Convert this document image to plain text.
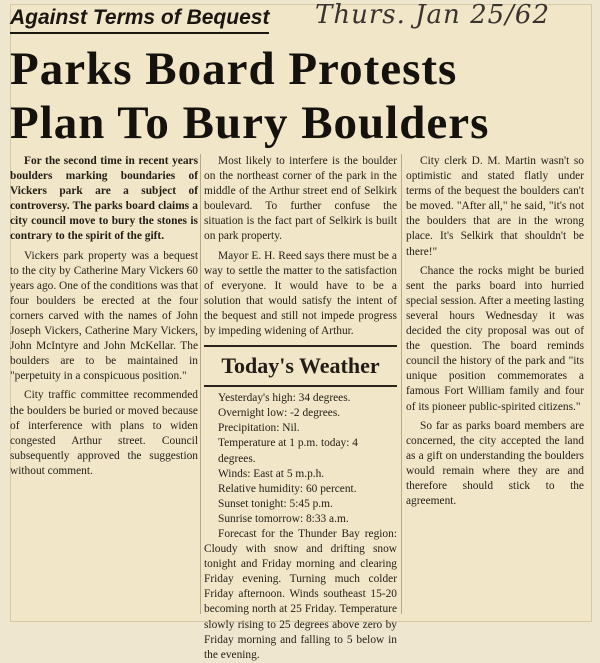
Against Terms of Bequest Thurs. Jan 25/62
Parks Board Protests
Plan To Bury Boulders

For the second time in recent years boulders marking boundaries of Vickers park are a subject of controversy. The parks board claims a city council move to bury the stones is contrary to the spirit of the gift.

Vickers park property was a bequest to the city by Catherine Mary Vickers 60 years ago. One of the conditions was that four boulders be erected at the four corners carved with the names of John Joseph Vickers, Catherine Mary Vickers, John McIntyre and John McKellar. The boulders are to be maintained in "perpetuity in a conspicuous position."

City traffic committee recommended the boulders be buried or moved because of interference with plans to widen congested Arthur street. Council subsequently approved the suggestion without comment.

Most likely to interfere is the boulder on the northeast corner of the park in the middle of the Arthur street end of Selkirk boulevard. To further confuse the situation is the fact part of Selkirk is built on park property.

Mayor E. H. Reed says there must be a way to settle the matter to the satisfaction of everyone. It would have to be a solution that would satisfy the intent of the bequest and still not impede progress by impeding widening of Arthur.

Today's Weather
Yesterday's high: 34 degrees.
Overnight low: -2 degrees.
Precipitation: Nil.
Temperature at 1 p.m. today: 4 degrees.
Winds: East at 5 m.p.h.
Relative humidity: 60 percent.
Sunset tonight: 5:45 p.m.
Sunrise tomorrow: 8:33 a.m.
Forecast for the Thunder Bay region: Cloudy with snow and drifting snow tonight and Friday morning and clearing Friday evening. Turning much colder Friday afternoon. Winds southeast 15-20 becoming north at 25 Friday. Temperature slowly rising to 25 degrees above zero by Friday morning and falling to 5 below in the evening.

City clerk D. M. Martin wasn't so optimistic and stated flatly under terms of the bequest the boulders can't be moved. "After all," he said, "it's not the boulders that are in the wrong place. It's Selkirk that shouldn't be there!"

Chance the rocks might be buried sent the parks board into hurried special session. After a meeting lasting several hours Wednesday it was decided the city proposal was out of the question. The board reminds council the history of the park and "its unique position commemorates a famous Fort William family and four of its pioneer public-spirited citizens."

So far as parks board members are concerned, the city accepted the land as a gift on understanding the boulders would remain where they are and therefore should stick to the agreement.
